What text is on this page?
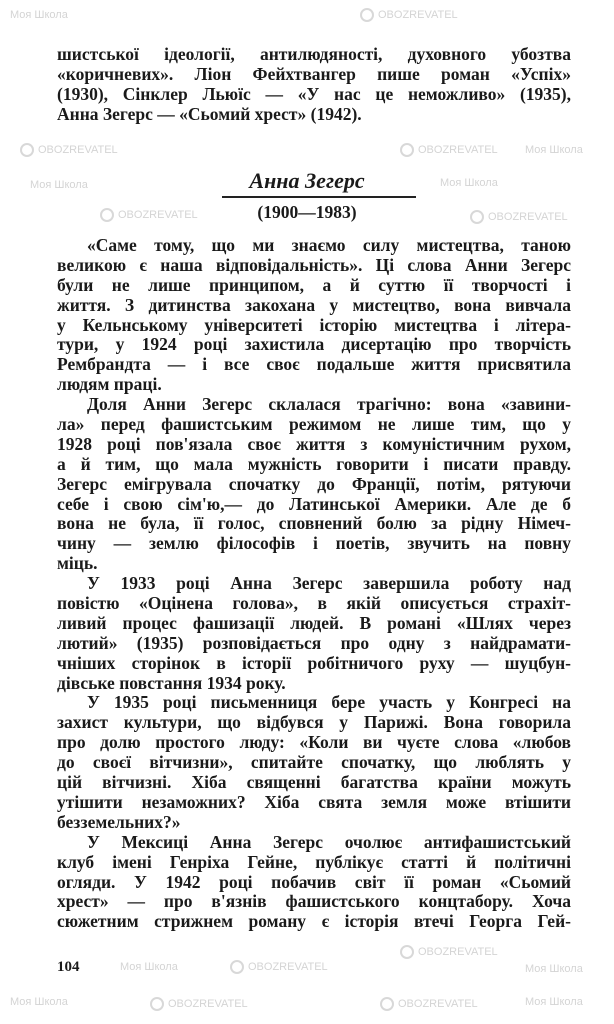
Моя Школа	OBOZREVATEL
OBOZREVATEL	OBOZREVATEL Моя Школа
Моя Школа
OBOZREVATEL
Моя Школа
OBOZREVATEL
Моя Школа	OBOZREVATEL
OBOZREVATEL
Моя Школа
Моя Школа	OBOZREVATEL	OBOZREVATEL	Моя Школа
шистської ідеології, антилюдяності, духовного убозтва
«коричневих». Ліон Фейхтвангер пише роман «Успіх»
(1930), Сінклер Льюїс — «У нас це неможливо» (1935),
Анна Зегерс — «Сьомий хрест» (1942).
Анна Зегерс
(1900—1983)
«Саме тому, що ми знаємо силу мистецтва, таною
великою є наша відповідальність». Ці слова Анни Зегерс
були не лише принципом, а й суттю її творчості і
життя. З дитинства закохана у мистецтво, вона вивчала
у Кельнському університеті історію мистецтва і літера-
тури, у 1924 році захистила дисертацію про творчість
Рембрандта — і все своє подальше життя присвятила
людям праці.
Доля Анни Зегерс склалася трагічно: вона «завини-
ла» перед фашистським режимом не лише тим, що у
1928 році пов'язала своє життя з комуністичним рухом,
а й тим, що мала мужність говорити і писати правду.
Зегерс емігрувала спочатку до Франції, потім, рятуючи
себе і свою сім'ю,— до Латинської Америки. Але де б
вона не була, її голос, сповнений болю за рідну Німеч-
чину — землю філософів і поетів, звучить на повну
міць.
У 1933 році Анна Зегерс завершила роботу над
повістю «Оцінена голова», в якій описується страхіт-
ливий процес фашизації людей. В романі «Шлях через
лютий» (1935) розповідається про одну з найдрамати-
чніших сторінок в історії робітничого руху — шуцбун-
дівське повстання 1934 року.
У 1935 році письменниця бере участь у Конгресі на
захист культури, що відбувся у Парижі. Вона говорила
про долю простого люду: «Коли ви чуєте слова «любов
до своєї вітчизни», спитайте спочатку, що люблять у
цій вітчизні. Хіба священні багатства країни можуть
утішити незаможних? Хіба свята земля може втішити
безземельних?»
У Мексиці Анна Зегерс очолює антифашистський
клуб імені Генріха Гейне, публікує статті й політичні
огляди. У 1942 році побачив світ її роман «Сьомий
хрест» — про в'язнів фашистського концтабору. Хоча
сюжетним стрижнем роману є історія втечі Георга Гей-
104
